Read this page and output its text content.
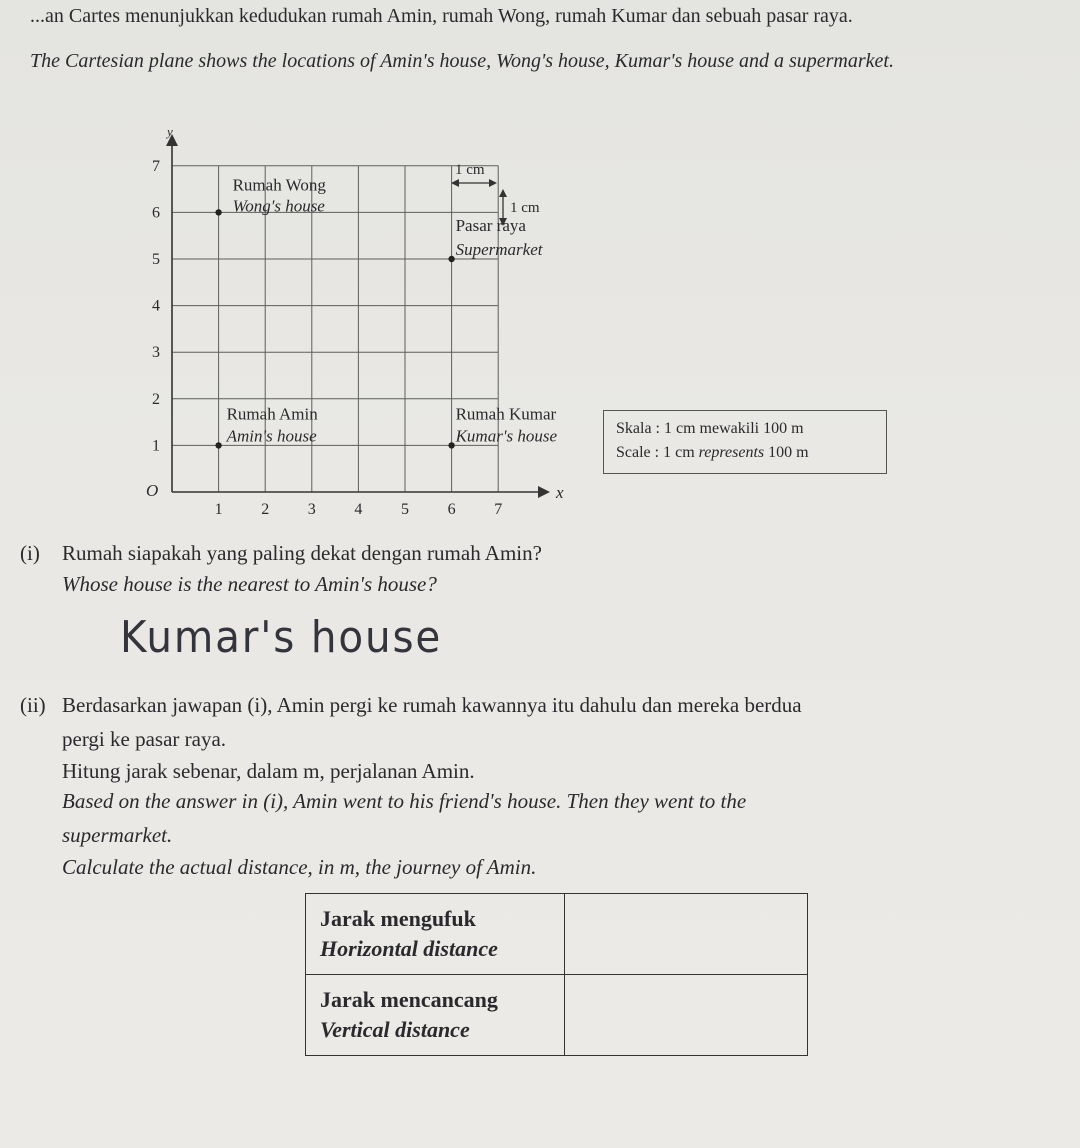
...an Cartes menunjukkan kedudukan rumah Amin, rumah Wong, rumah Kumar dan sebuah pasar raya.
The Cartesian plane shows the locations of Amin's house, Wong's house, Kumar's house and a supermarket.
x
y
O
1 2 3 4 5 6 7
1
2
3
4
5
6
7	1 cm
1 cm
Rumah Wong
Wong's house
Pasar raya
Supermarket
Rumah Amin
Amin's house
Rumah Kumar
Kumar's house	Skala : 1 cm mewakili 100 m
Scale : 1 cm represents 100 m
(i) Rumah siapakah yang paling dekat dengan rumah Amin?
Whose house is the nearest to Amin's house?
Kumar's house
(ii) Berdasarkan jawapan (i), Amin pergi ke rumah kawannya itu dahulu dan mereka berdua
pergi ke pasar raya.
Hitung jarak sebenar, dalam m, perjalanan Amin.
Based on the answer in (i), Amin went to his friend's house. Then they went to the
supermarket.
Calculate the actual distance, in m, the journey of Amin.
Jarak mengufuk
Horizontal distance	

Jarak mencancang
Vertical distance	
